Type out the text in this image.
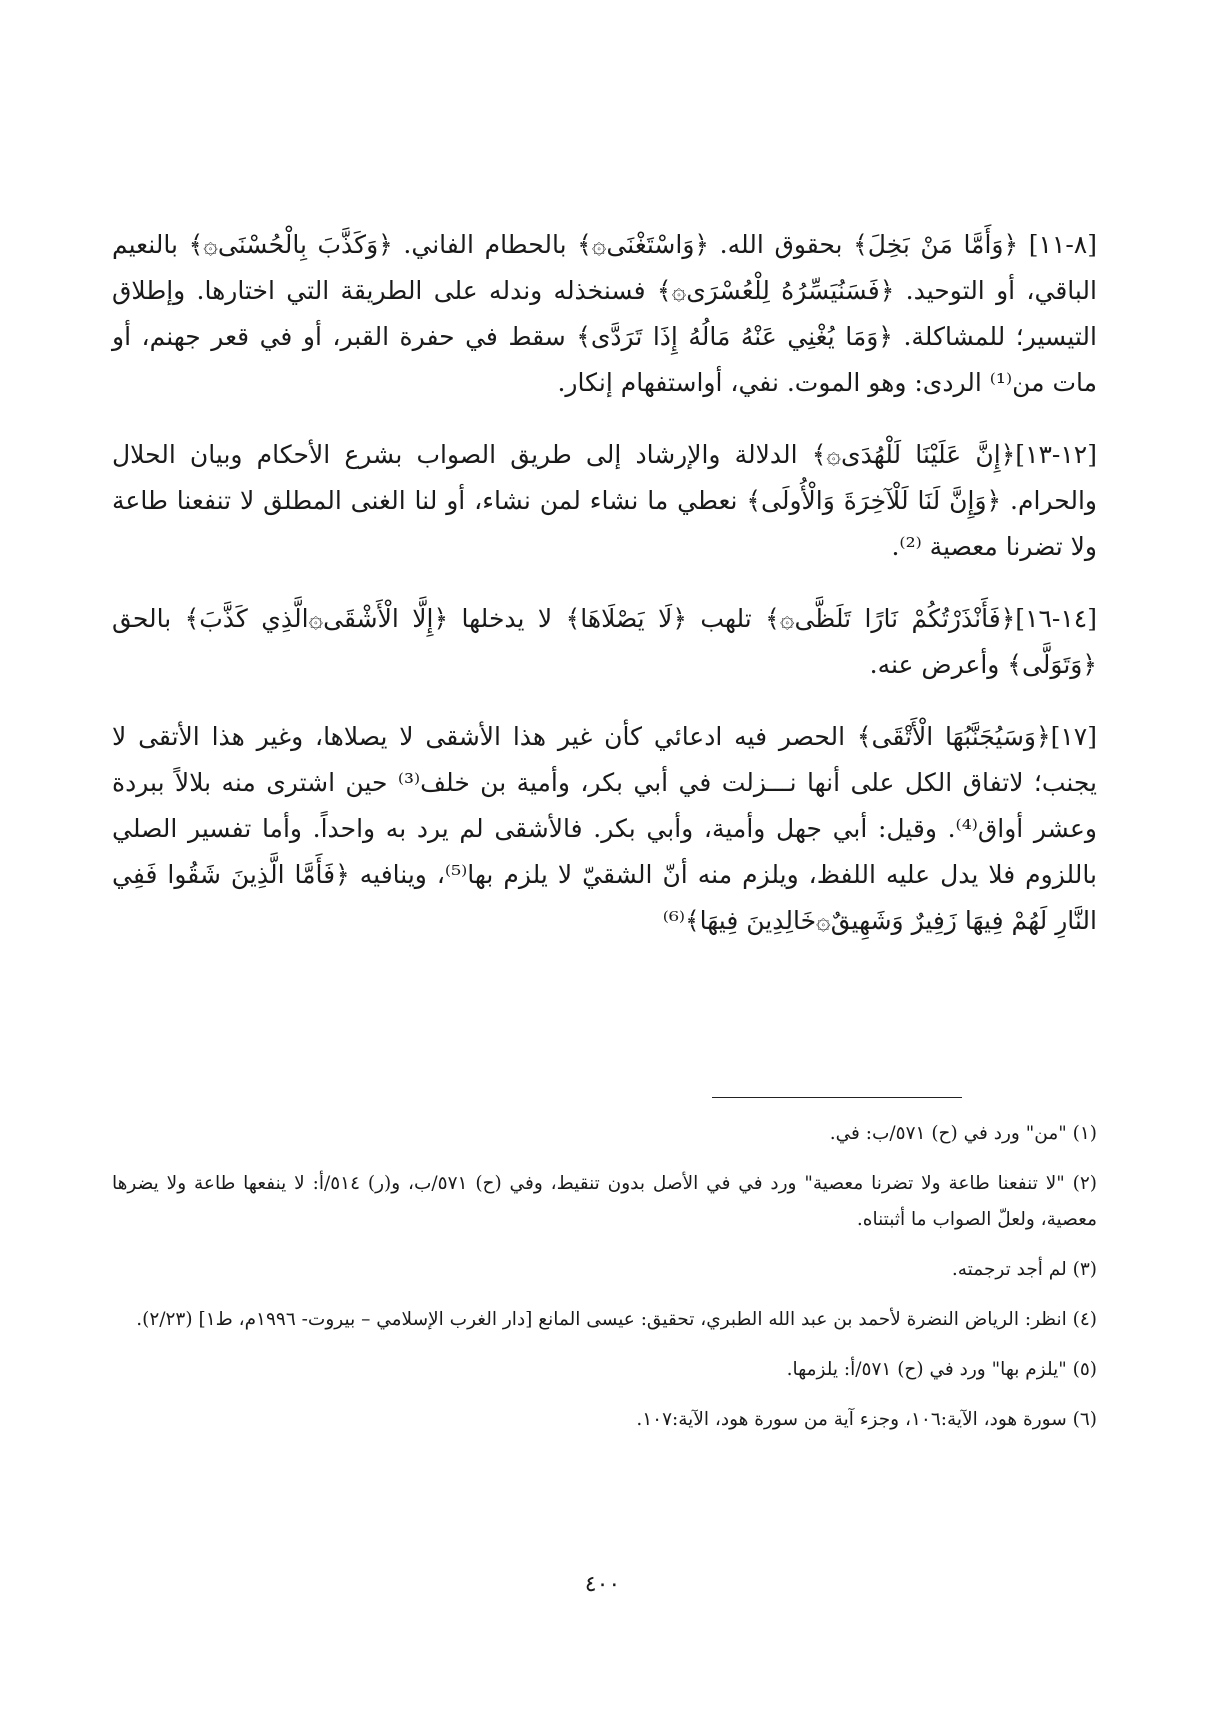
[٨-١١] ﴿وَأَمَّا مَنْ بَخِلَ﴾ بحقوق الله. ﴿وَاسْتَغْنَى۞﴾ بالحطام الفاني. ﴿وَكَذَّبَ بِالْحُسْنَى۞﴾ بالنعيم الباقي، أو التوحيد. ﴿فَسَنُيَسِّرُهُ لِلْعُسْرَى۞﴾ فسنخذله وندله على الطريقة التي اختارها. وإطلاق التيسير؛ للمشاكلة. ﴿وَمَا يُغْنِي عَنْهُ مَالُهُ إِذَا تَرَدَّى﴾ سقط في حفرة القبر، أو في قعر جهنم، أو مات من⁽¹⁾ الردى: وهو الموت. نفي، أواستفهام إنكار.

[١٢-١٣]﴿إِنَّ عَلَيْنَا لَلْهُدَى۞﴾ الدلالة والإرشاد إلى طريق الصواب بشرع الأحكام وبيان الحلال والحرام. ﴿وَإِنَّ لَنَا لَلْآخِرَةَ وَالْأُولَى﴾ نعطي ما نشاء لمن نشاء، أو لنا الغنى المطلق لا تنفعنا طاعة ولا تضرنا معصية ⁽²⁾.

[١٤-١٦]﴿فَأَنْذَرْتُكُمْ نَارًا تَلَظَّى۞﴾ تلهب ﴿لَا يَصْلَاهَا﴾ لا يدخلها ﴿إِلَّا الْأَشْقَى۞الَّذِي كَذَّبَ﴾ بالحق ﴿وَتَوَلَّى﴾ وأعرض عنه.

[١٧]﴿وَسَيُجَنَّبُهَا الْأَتْقَى﴾ الحصر فيه ادعائي كأن غير هذا الأشقى لا يصلاها، وغير هذا الأتقى لا يجنب؛ لاتفاق الكل على أنها نـــزلت في أبي بكر، وأمية بن خلف⁽³⁾ حين اشترى منه بلالاً ببردة وعشر أواق⁽⁴⁾. وقيل: أبي جهل وأمية، وأبي بكر. فالأشقى لم يرد به واحداً. وأما تفسير الصلي باللزوم فلا يدل عليه اللفظ، ويلزم منه أنّ الشقيّ لا يلزم بها⁽⁵⁾، وينافيه ﴿فَأَمَّا الَّذِينَ شَقُوا فَفِي النَّارِ لَهُمْ فِيهَا زَفِيرٌ وَشَهِيقٌ۞خَالِدِينَ فِيهَا﴾⁽⁶⁾

(١) "من" ورد في (ح) ٥٧١/ب: في.

(٢) "لا تنفعنا طاعة ولا تضرنا معصية" ورد في في الأصل بدون تنقيط، وفي (ح) ٥٧١/ب، و(ر) ٥١٤/أ: لا ينفعها طاعة ولا يضرها معصية، ولعلّ الصواب ما أثبتناه.

(٣) لم أجد ترجمته.

(٤) انظر: الرياض النضرة لأحمد بن عبد الله الطبري، تحقيق: عيسى المانع [دار الغرب الإسلامي – بيروت- ١٩٩٦م، ط١] (٢/٢٣).

(٥) "يلزم بها" ورد في (ح) ٥٧١/أ: يلزمها.

(٦) سورة هود، الآية:١٠٦، وجزء آية من سورة هود، الآية:١٠٧.

٤٠٠
